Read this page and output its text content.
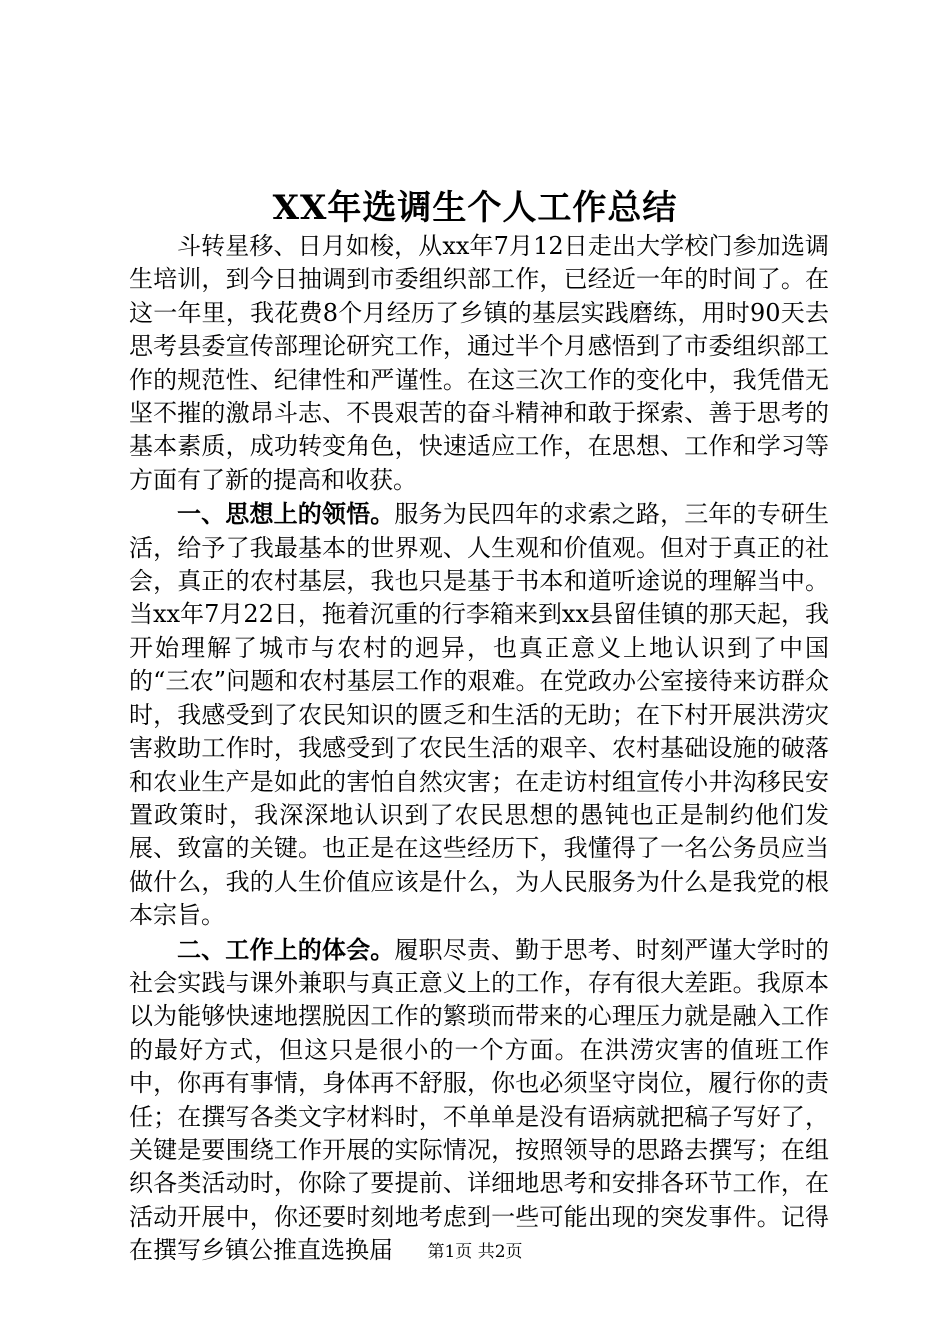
XX年选调生个人工作总结

斗转星移、日月如梭，从xx年7月12日走出大学校门参加选调生培训，到今日抽调到市委组织部工作，已经近一年的时间了。在这一年里，我花费8个月经历了乡镇的基层实践磨练，用时90天去思考县委宣传部理论研究工作，通过半个月感悟到了市委组织部工作的规范性、纪律性和严谨性。在这三次工作的变化中，我凭借无坚不摧的激昂斗志、不畏艰苦的奋斗精神和敢于探索、善于思考的基本素质，成功转变角色，快速适应工作，在思想、工作和学习等方面有了新的提高和收获。

一、思想上的领悟。服务为民四年的求索之路，三年的专研生活，给予了我最基本的世界观、人生观和价值观。但对于真正的社会，真正的农村基层，我也只是基于书本和道听途说的理解当中。当xx年7月22日，拖着沉重的行李箱来到xx县留佳镇的那天起，我开始理解了城市与农村的迥异，也真正意义上地认识到了中国的“三农”问题和农村基层工作的艰难。在党政办公室接待来访群众时，我感受到了农民知识的匮乏和生活的无助；在下村开展洪涝灾害救助工作时，我感受到了农民生活的艰辛、农村基础设施的破落和农业生产是如此的害怕自然灾害；在走访村组宣传小井沟移民安置政策时，我深深地认识到了农民思想的愚钝也正是制约他们发展、致富的关键。也正是在这些经历下，我懂得了一名公务员应当做什么，我的人生价值应该是什么，为人民服务为什么是我党的根本宗旨。

二、工作上的体会。履职尽责、勤于思考、时刻严谨大学时的社会实践与课外兼职与真正意义上的工作，存有很大差距。我原本以为能够快速地摆脱因工作的繁琐而带来的心理压力就是融入工作的最好方式，但这只是很小的一个方面。在洪涝灾害的值班工作中，你再有事情，身体再不舒服，你也必须坚守岗位，履行你的责任；在撰写各类文字材料时，不单单是没有语病就把稿子写好了，关键是要围绕工作开展的实际情况，按照领导的思路去撰写；在组织各类活动时，你除了要提前、详细地思考和安排各环节工作，在活动开展中，你还要时刻地考虑到一些可能出现的突发事件。记得在撰写乡镇公推直选换届	第1页 共2页
